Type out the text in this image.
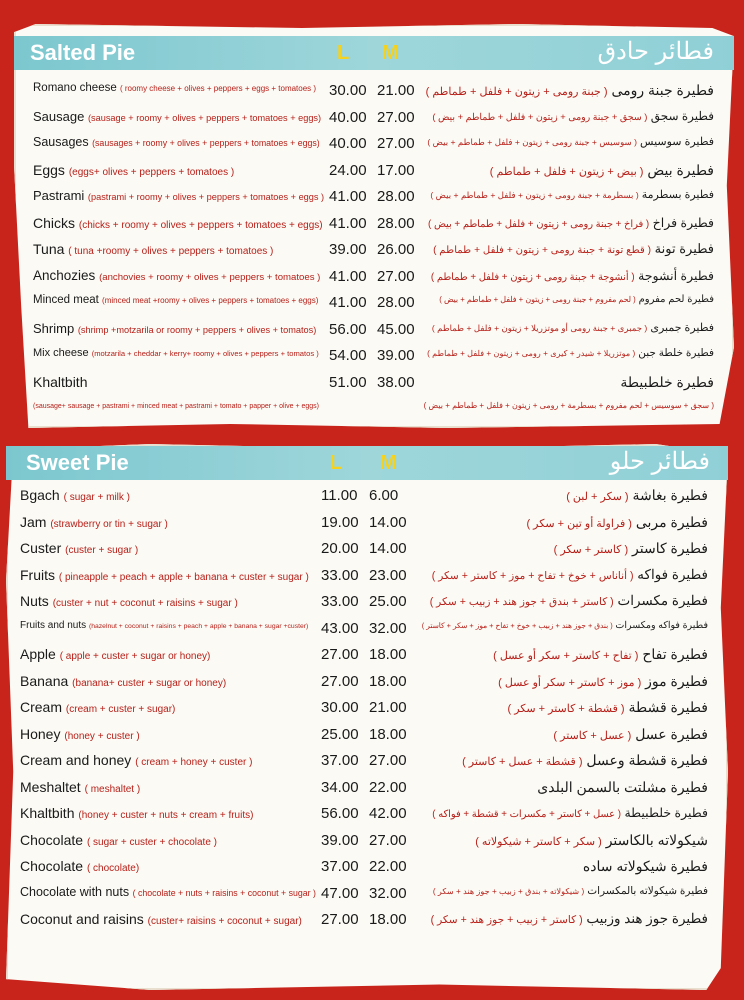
Salted Pie	L M	فطائر حادق
Romano cheese ( roomy cheese + olives + peppers + eggs + tomatoes ) 30.00 21.00	فطيرة جبنة رومى ( جبنة رومى + زيتون + فلفل + طماطم )
Sausage (sausage + roomy + olives + peppers + tomatoes + eggs) 40.00 27.00	فطيرة سجق ( سجق + جبنة رومى + زيتون + فلفل + طماطم + بيض )
Sausages (sausages + roomy + olives + peppers + tomatoes + eggs) 40.00 27.00	فطيرة سوسيس ( سوسيس + جبنة رومى + زيتون + فلفل + طماطم + بيض )
Eggs (eggs+ olives + peppers + tomatoes )	24.00 17.00	فطيرة بيض ( بيض + زيتون + فلفل + طماطم )
Pastrami (pastrami + roomy + olives + peppers + tomatoes + eggs ) 41.00 28.00	فطيرة بسطرمة ( بسطرمة + جبنة رومى + زيتون + فلفل + طماطم + بيض )
Chicks (chicks + roomy + olives + peppers + tomatoes + eggs) 41.00 28.00	فطيرة فراخ ( فراخ + جبنة رومى + زيتون + فلفل + طماطم + بيض )
Tuna ( tuna +roomy + olives + peppers + tomatoes )	39.00 26.00	فطيرة تونة ( قطع تونة + جبنة رومى + زيتون + فلفل + طماطم )
Anchozies (anchovies + roomy + olives + peppers + tomatoes ) 41.00 27.00	فطيرة أنشوجة ( أنشوجة + جبنة رومى + زيتون + فلفل + طماطم )
Minced meat (minced meat +roomy + olives + peppers + tomatoes + eggs) 41.00 28.00	فطيرة لحم مفروم ( لحم مفروم + جبنة رومى + زيتون + فلفل + طماطم + بيض )
Shrimp (shrimp +motzarila or roomy + peppers + olives + tomatos) 56.00 45.00	فطيرة جمبرى ( جمبرى + جبنة رومى أو موتزريلا + زيتون + فلفل + طماطم )
Mix cheese (motzarila + cheddar + kerry+ roomy + olives + peppers + tomatos ) 54.00 39.00	فطيرة خلطة جبن ( موتزريلا + شيدر + كيرى + رومى + زيتون + فلفل + طماطم )
Khaltbith	51.00 38.00	فطيرة خلطبيطة
(sausage+ sausage + pastrami + minced meat + pastrami + tomato + papper + olive + eggs)	( سجق + سوسيس + لحم مفروم + بسطرمة + رومى + زيتون + فلفل + طماطم + بيض )
Sweet Pie	L M	فطائر حلو
Bgach ( sugar + milk )	11.00 6.00	فطيرة بغاشة ( سكر + لبن )
Jam (strawberry or tin + sugar )	19.00 14.00	فطيرة مربى ( فراولة أو تين + سكر )
Custer (custer + sugar )	20.00 14.00	فطيرة كاستر ( كاستر + سكر )
Fruits ( pineapple + peach + apple + banana + custer + sugar ) 33.00 23.00	فطيرة فواكه ( أناناس + خوخ + تفاح + موز + كاستر + سكر )
Nuts (custer + nut + coconut + raisins + sugar )	33.00 25.00	فطيرة مكسرات ( كاستر + بندق + جوز هند + زبيب + سكر )
Fruits and nuts (hazelnut + coconut + raisins + peach + apple + banana + sugar +custer) 43.00 32.00	فطيرة فواكه ومكسرات ( بندق + جوز هند + زبيب + خوخ + تفاح + موز + سكر + كاستر )
Apple ( apple + custer + sugar or honey)	27.00 18.00	فطيرة تفاح ( تفاح + كاستر + سكر أو عسل )
Banana (banana+ custer + sugar or honey)	27.00 18.00	فطيرة موز ( موز + كاستر + سكر أو عسل )
Cream (cream + custer + sugar)	30.00 21.00	فطيرة قشطة ( قشطة + كاستر + سكر )
Honey (honey + custer )	25.00 18.00	فطيرة عسل ( عسل + كاستر )
Cream and honey ( cream + honey + custer )	37.00 27.00	فطيرة قشطة وعسل ( قشطة + عسل + كاستر )
Meshaltet ( meshaltet )	34.00 22.00	فطيرة مشلتت بالسمن البلدى
Khaltbith (honey + custer + nuts + cream + fruits)	56.00 42.00	فطيرة خلطبيطة ( عسل + كاستر + مكسرات + قشطة + فواكه )
Chocolate ( sugar + custer + chocolate )	39.00 27.00	شيكولاته بالكاستر ( سكر + كاستر + شيكولاته )
Chocolate ( chocolate)	37.00 22.00	فطيرة شيكولاته ساده
Chocolate with nuts ( chocolate + nuts + raisins + coconut + sugar ) 47.00 32.00	فطيرة شيكولاته بالمكسرات ( شيكولاته + بندق + زبيب + جوز هند + سكر )
Coconut and raisins (custer+ raisins + coconut + sugar) 27.00 18.00	فطيرة جوز هند وزبيب ( كاستر + زبيب + جوز هند + سكر )
